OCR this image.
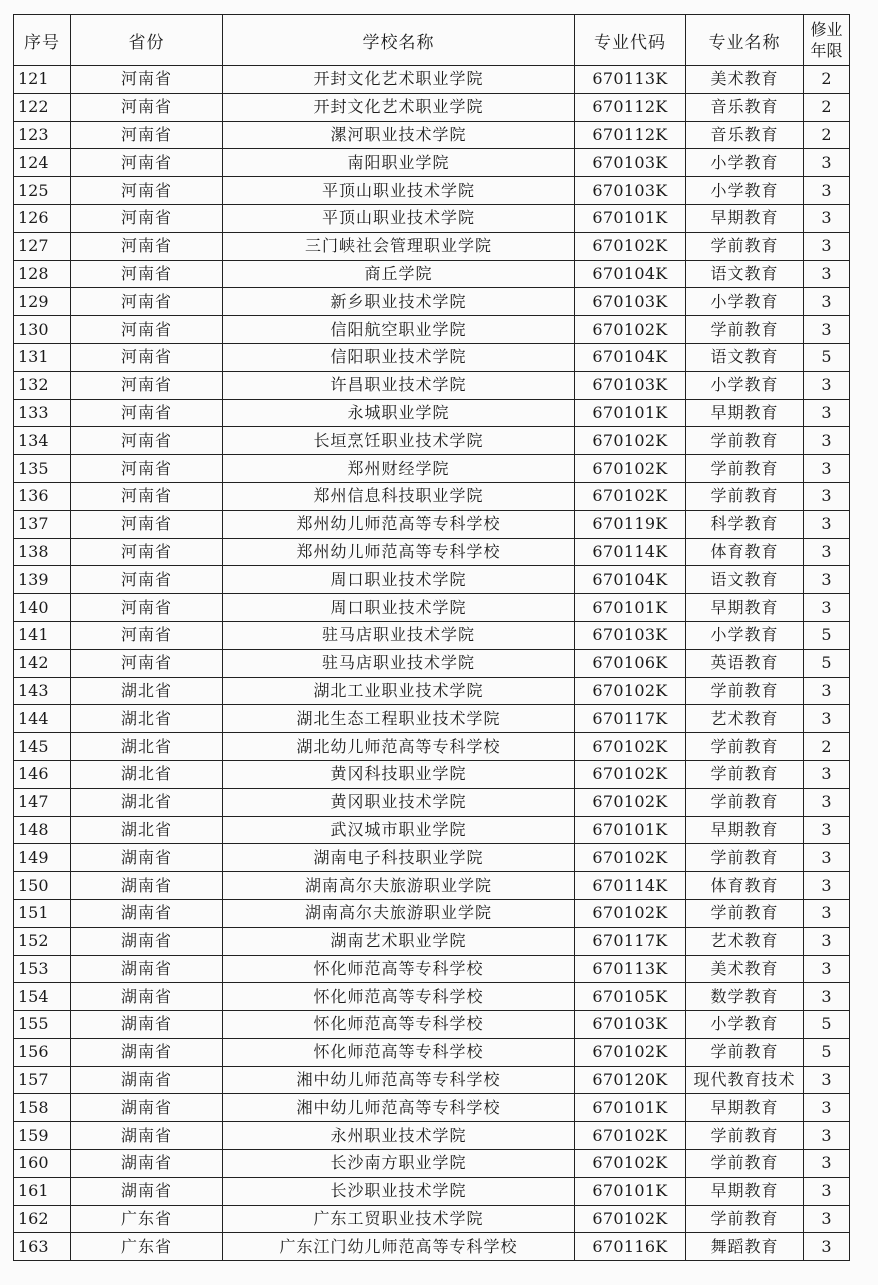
序号	省份	学校名称	专业代码	专业名称	修业
年限
121	河南省	开封文化艺术职业学院	670113K	美术教育	2
122	河南省	开封文化艺术职业学院	670112K	音乐教育	2
123	河南省	漯河职业技术学院	670112K	音乐教育	2
124	河南省	南阳职业学院	670103K	小学教育	3
125	河南省	平顶山职业技术学院	670103K	小学教育	3
126	河南省	平顶山职业技术学院	670101K	早期教育	3
127	河南省	三门峡社会管理职业学院	670102K	学前教育	3
128	河南省	商丘学院	670104K	语文教育	3
129	河南省	新乡职业技术学院	670103K	小学教育	3
130	河南省	信阳航空职业学院	670102K	学前教育	3
131	河南省	信阳职业技术学院	670104K	语文教育	5
132	河南省	许昌职业技术学院	670103K	小学教育	3
133	河南省	永城职业学院	670101K	早期教育	3
134	河南省	长垣烹饪职业技术学院	670102K	学前教育	3
135	河南省	郑州财经学院	670102K	学前教育	3
136	河南省	郑州信息科技职业学院	670102K	学前教育	3
137	河南省	郑州幼儿师范高等专科学校	670119K	科学教育	3
138	河南省	郑州幼儿师范高等专科学校	670114K	体育教育	3
139	河南省	周口职业技术学院	670104K	语文教育	3
140	河南省	周口职业技术学院	670101K	早期教育	3
141	河南省	驻马店职业技术学院	670103K	小学教育	5
142	河南省	驻马店职业技术学院	670106K	英语教育	5
143	湖北省	湖北工业职业技术学院	670102K	学前教育	3
144	湖北省	湖北生态工程职业技术学院	670117K	艺术教育	3
145	湖北省	湖北幼儿师范高等专科学校	670102K	学前教育	2
146	湖北省	黄冈科技职业学院	670102K	学前教育	3
147	湖北省	黄冈职业技术学院	670102K	学前教育	3
148	湖北省	武汉城市职业学院	670101K	早期教育	3
149	湖南省	湖南电子科技职业学院	670102K	学前教育	3
150	湖南省	湖南高尔夫旅游职业学院	670114K	体育教育	3
151	湖南省	湖南高尔夫旅游职业学院	670102K	学前教育	3
152	湖南省	湖南艺术职业学院	670117K	艺术教育	3
153	湖南省	怀化师范高等专科学校	670113K	美术教育	3
154	湖南省	怀化师范高等专科学校	670105K	数学教育	3
155	湖南省	怀化师范高等专科学校	670103K	小学教育	5
156	湖南省	怀化师范高等专科学校	670102K	学前教育	5
157	湖南省	湘中幼儿师范高等专科学校	670120K	现代教育技术	3
158	湖南省	湘中幼儿师范高等专科学校	670101K	早期教育	3
159	湖南省	永州职业技术学院	670102K	学前教育	3
160	湖南省	长沙南方职业学院	670102K	学前教育	3
161	湖南省	长沙职业技术学院	670101K	早期教育	3
162	广东省	广东工贸职业技术学院	670102K	学前教育	3
163	广东省	广东江门幼儿师范高等专科学校	670116K	舞蹈教育	3
